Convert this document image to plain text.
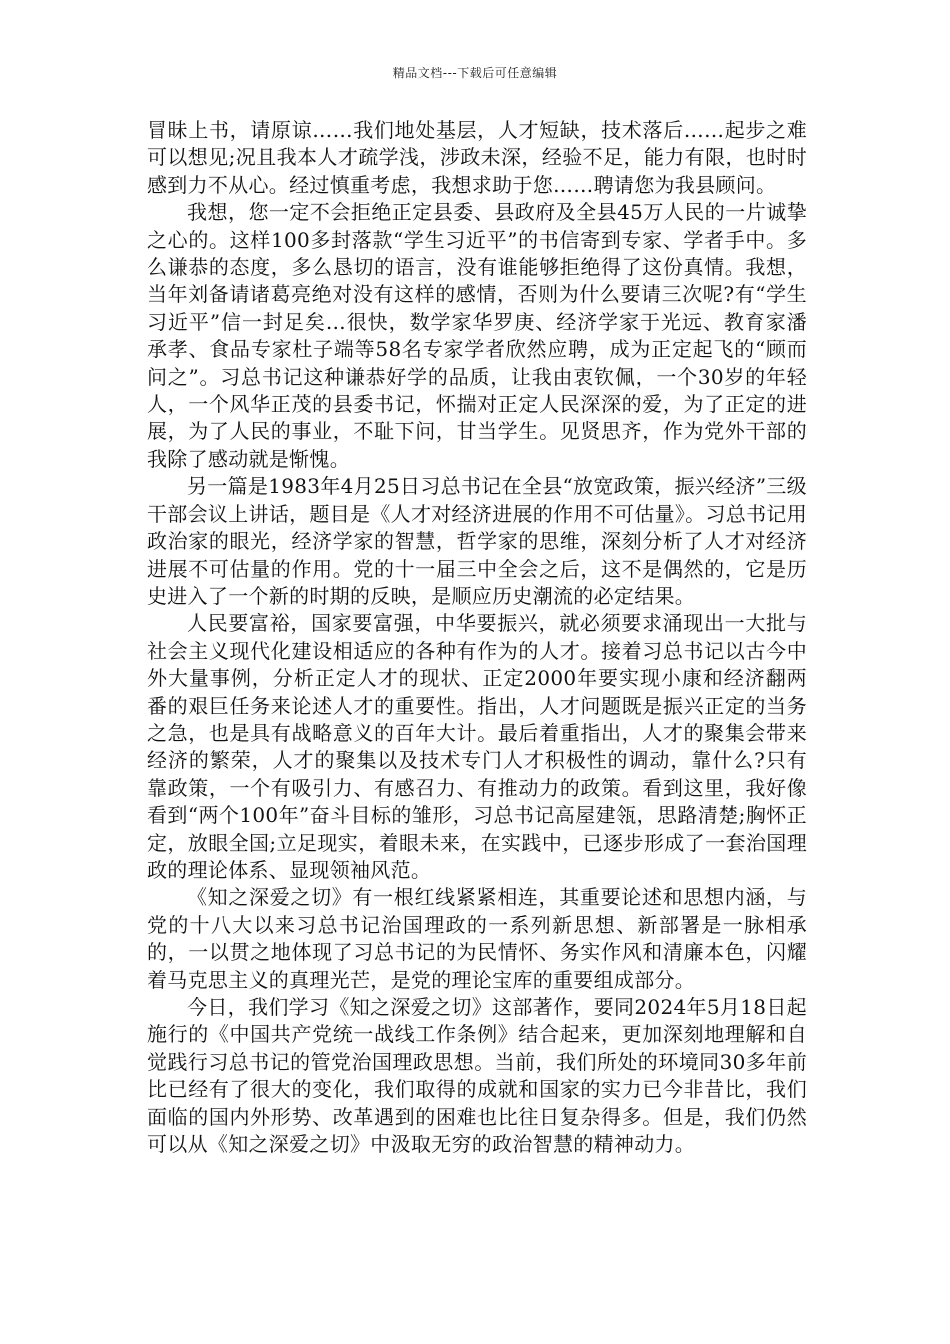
精品文档---下载后可任意编辑

冒昧上书，请原谅……我们地处基层，人才短缺，技术落后……起步之难可以想见;况且我本人才疏学浅，涉政未深，经验不足，能力有限，也时时感到力不从心。经过慎重考虑，我想求助于您……聘请您为我县顾问。

我想，您一定不会拒绝正定县委、县政府及全县45万人民的一片诚挚之心的。这样100多封落款“学生习近平”的书信寄到专家、学者手中。多么谦恭的态度，多么恳切的语言，没有谁能够拒绝得了这份真情。我想，当年刘备请诸葛亮绝对没有这样的感情，否则为什么要请三次呢?有“学生习近平”信一封足矣…很快，数学家华罗庚、经济学家于光远、教育家潘承孝、食品专家杜子端等58名专家学者欣然应聘，成为正定起飞的“顾而问之”。习总书记这种谦恭好学的品质，让我由衷钦佩，一个30岁的年轻人，一个风华正茂的县委书记，怀揣对正定人民深深的爱，为了正定的进展，为了人民的事业，不耻下问，甘当学生。见贤思齐，作为党外干部的我除了感动就是惭愧。

另一篇是1983年4月25日习总书记在全县“放宽政策，振兴经济”三级干部会议上讲话，题目是《人才对经济进展的作用不可估量》。习总书记用政治家的眼光，经济学家的智慧，哲学家的思维，深刻分析了人才对经济进展不可估量的作用。党的十一届三中全会之后，这不是偶然的，它是历史进入了一个新的时期的反映，是顺应历史潮流的必定结果。

人民要富裕，国家要富强，中华要振兴，就必须要求涌现出一大批与社会主义现代化建设相适应的各种有作为的人才。接着习总书记以古今中外大量事例，分析正定人才的现状、正定2000年要实现小康和经济翻两番的艰巨任务来论述人才的重要性。指出，人才问题既是振兴正定的当务之急，也是具有战略意义的百年大计。最后着重指出，人才的聚集会带来经济的繁荣，人才的聚集以及技术专门人才积极性的调动，靠什么?只有靠政策，一个有吸引力、有感召力、有推动力的政策。看到这里，我好像看到“两个100年”奋斗目标的雏形，习总书记高屋建瓴，思路清楚;胸怀正定，放眼全国;立足现实，着眼未来，在实践中，已逐步形成了一套治国理政的理论体系、显现领袖风范。

《知之深爱之切》有一根红线紧紧相连，其重要论述和思想内涵，与党的十八大以来习总书记治国理政的一系列新思想、新部署是一脉相承的，一以贯之地体现了习总书记的为民情怀、务实作风和清廉本色，闪耀着马克思主义的真理光芒，是党的理论宝库的重要组成部分。

今日，我们学习《知之深爱之切》这部著作，要同2024年5月18日起施行的《中国共产党统一战线工作条例》结合起来，更加深刻地理解和自觉践行习总书记的管党治国理政思想。当前，我们所处的环境同30多年前比已经有了很大的变化，我们取得的成就和国家的实力已今非昔比，我们面临的国内外形势、改革遇到的困难也比往日复杂得多。但是，我们仍然可以从《知之深爱之切》中汲取无穷的政治智慧的精神动力。
